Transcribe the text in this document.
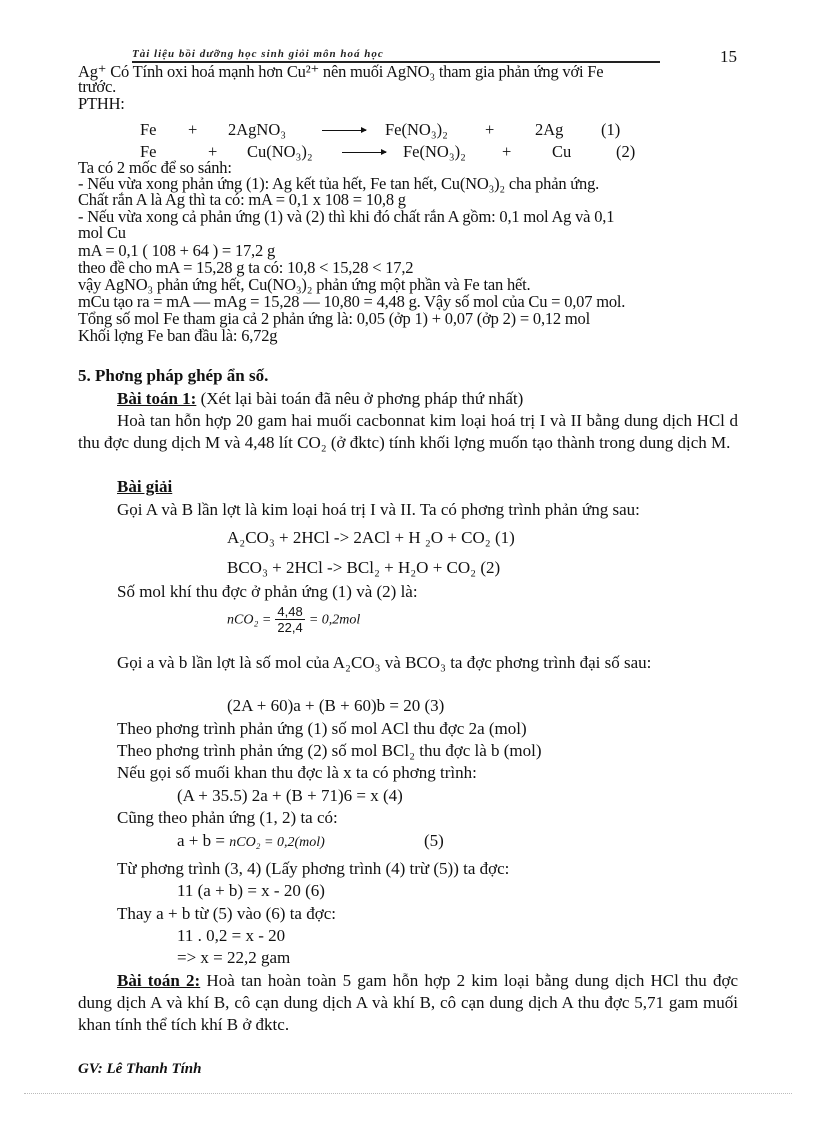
Tài liệu bồi dưỡng học sinh giỏi môn hoá học	15
Ag⁺ Có Tính oxi hoá mạnh hơn Cu²⁺ nên muối AgNO₃ tham gia phản ứng với Fe
trước.
PTHH:
Fe + 2AgNO₃	Fe(NO₃)₂ + 2Ag (1)
Fe	+ Cu(NO₃)₂	Fe(NO₃)₂ + Cu	(2)
Ta có 2 mốc để so sánh:
- Nếu vừa xong phản ứng (1): Ag kết tủa hết, Fe tan hết, Cu(NO₃)₂ cha phản ứng.
Chất rắn A là Ag thì ta có: mA = 0,1 x 108 = 10,8 g
- Nếu vừa xong cả phản ứng (1) và (2) thì khi đó chất rắn A gồm: 0,1 mol Ag và 0,1
mol Cu
mA = 0,1 ( 108 + 64 ) = 17,2 g
theo đề cho mA = 15,28 g ta có: 10,8 < 15,28 < 17,2
vậy AgNO₃ phản ứng hết, Cu(NO₃)₂ phản ứng một phần và Fe tan hết.
mCu tạo ra = mA — mAg = 15,28 — 10,80 = 4,48 g. Vậy số mol của Cu = 0,07 mol.
Tổng số mol Fe tham gia cả 2 phản ứng là: 0,05 (ởp 1) + 0,07 (ởp 2) = 0,12 mol
Khối lợng Fe ban đầu là: 6,72g
5. Phơng pháp ghép ẩn số.
Bài toán 1: (Xét lại bài toán đã nêu ở phơng pháp thứ nhất)
Hoà tan hỗn hợp 20 gam hai muối cacbonnat kim loại hoá trị I và II bằng dung dịch HCl d thu đợc dung dịch M và 4,48 lít CO₂ (ở đktc) tính khối lợng muốn tạo thành trong dung dịch M.
Bài giải
Gọi A và B lần lợt là kim loại hoá trị I và II. Ta có phơng trình phản ứng sau:
A₂CO₃ + 2HCl -> 2ACl + H ₂O + CO₂ (1)
BCO₃ + 2HCl -> BCl₂ + H₂O + CO₂ (2)
Số mol khí thu đợc ở phản ứng (1) và (2) là:
$nCO_2 = \frac{4,48}{22,4} = 0,2mol$
Gọi a và b lần lợt là số mol của A₂CO₃ và BCO₃ ta đợc phơng trình đại số sau:
(2A + 60)a + (B + 60)b = 20 (3)
Theo phơng trình phản ứng (1) số mol ACl thu đợc 2a (mol)
Theo phơng trình phản ứng (2) số mol BCl₂ thu đợc là b (mol)
Nếu gọi số muối khan thu đợc là x ta có phơng trình:
(A + 35.5) 2a + (B + 71)6 = x (4)
Cũng theo phản ứng (1, 2) ta có:
a + b = nCO₂ = 0,2(mol)	(5)
Từ phơng trình (3, 4) (Lấy phơng trình (4) trừ (5)) ta đợc:
11 (a + b) = x - 20 (6)
Thay a + b từ (5) vào (6) ta đợc:
11 . 0,2 = x - 20
=> x = 22,2 gam
Bài toán 2: Hoà tan hoàn toàn 5 gam hỗn hợp 2 kim loại bằng dung dịch HCl thu đợc dung dịch A và khí B, cô cạn dung dịch A và khí B, cô cạn dung dịch A thu đợc 5,71 gam muối khan tính thể tích khí B ở đktc.
GV: Lê Thanh Tính
